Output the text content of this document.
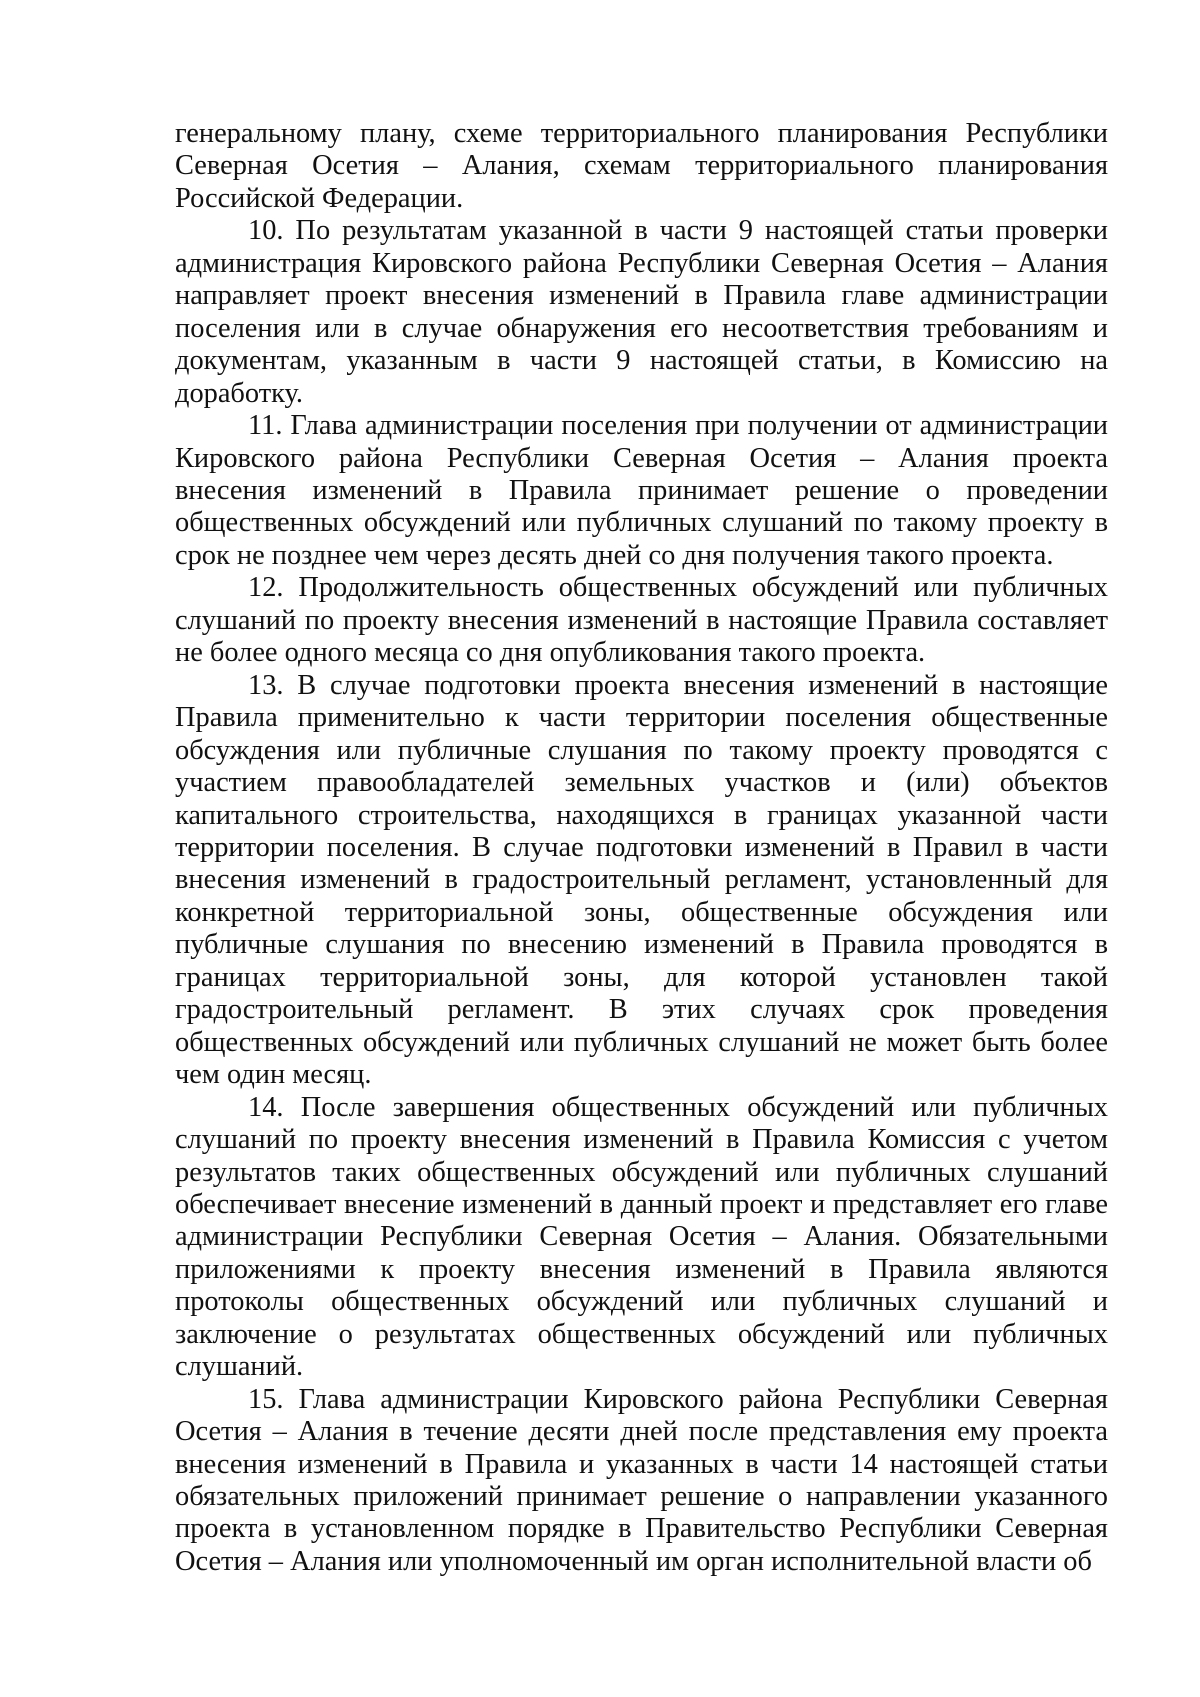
генеральному плану, схеме территориального планирования Республики Северная Осетия – Алания, схемам территориального планирования Российской Федерации.

10. По результатам указанной в части 9 настоящей статьи проверки администрация Кировского района Республики Северная Осетия – Алания направляет проект внесения изменений в Правила главе администрации поселения или в случае обнаружения его несоответствия требованиям и документам, указанным в части 9 настоящей статьи, в Комиссию на доработку.

11. Глава администрации поселения при получении от администрации Кировского района Республики Северная Осетия – Алания проекта внесения изменений в Правила принимает решение о проведении общественных обсуждений или публичных слушаний по такому проекту в срок не позднее чем через десять дней со дня получения такого проекта.

12. Продолжительность общественных обсуждений или публичных слушаний по проекту внесения изменений в настоящие Правила составляет не более одного месяца со дня опубликования такого проекта.

13. В случае подготовки проекта внесения изменений в настоящие Правила применительно к части территории поселения общественные обсуждения или публичные слушания по такому проекту проводятся с участием правообладателей земельных участков и (или) объектов капитального строительства, находящихся в границах указанной части территории поселения. В случае подготовки изменений в Правил в части внесения изменений в градостроительный регламент, установленный для конкретной территориальной зоны, общественные обсуждения или публичные слушания по внесению изменений в Правила проводятся в границах территориальной зоны, для которой установлен такой градостроительный регламент. В этих случаях срок проведения общественных обсуждений или публичных слушаний не может быть более чем один месяц.

14. После завершения общественных обсуждений или публичных слушаний по проекту внесения изменений в Правила Комиссия с учетом результатов таких общественных обсуждений или публичных слушаний обеспечивает внесение изменений в данный проект и представляет его главе администрации Республики Северная Осетия – Алания. Обязательными приложениями к проекту внесения изменений в Правила являются протоколы общественных обсуждений или публичных слушаний и заключение о результатах общественных обсуждений или публичных слушаний.

15. Глава администрации Кировского района Республики Северная Осетия – Алания в течение десяти дней после представления ему проекта внесения изменений в Правила и указанных в части 14 настоящей статьи обязательных приложений принимает решение о направлении указанного проекта в установленном порядке в Правительство Республики Северная Осетия – Алания или уполномоченный им орган исполнительной власти об
